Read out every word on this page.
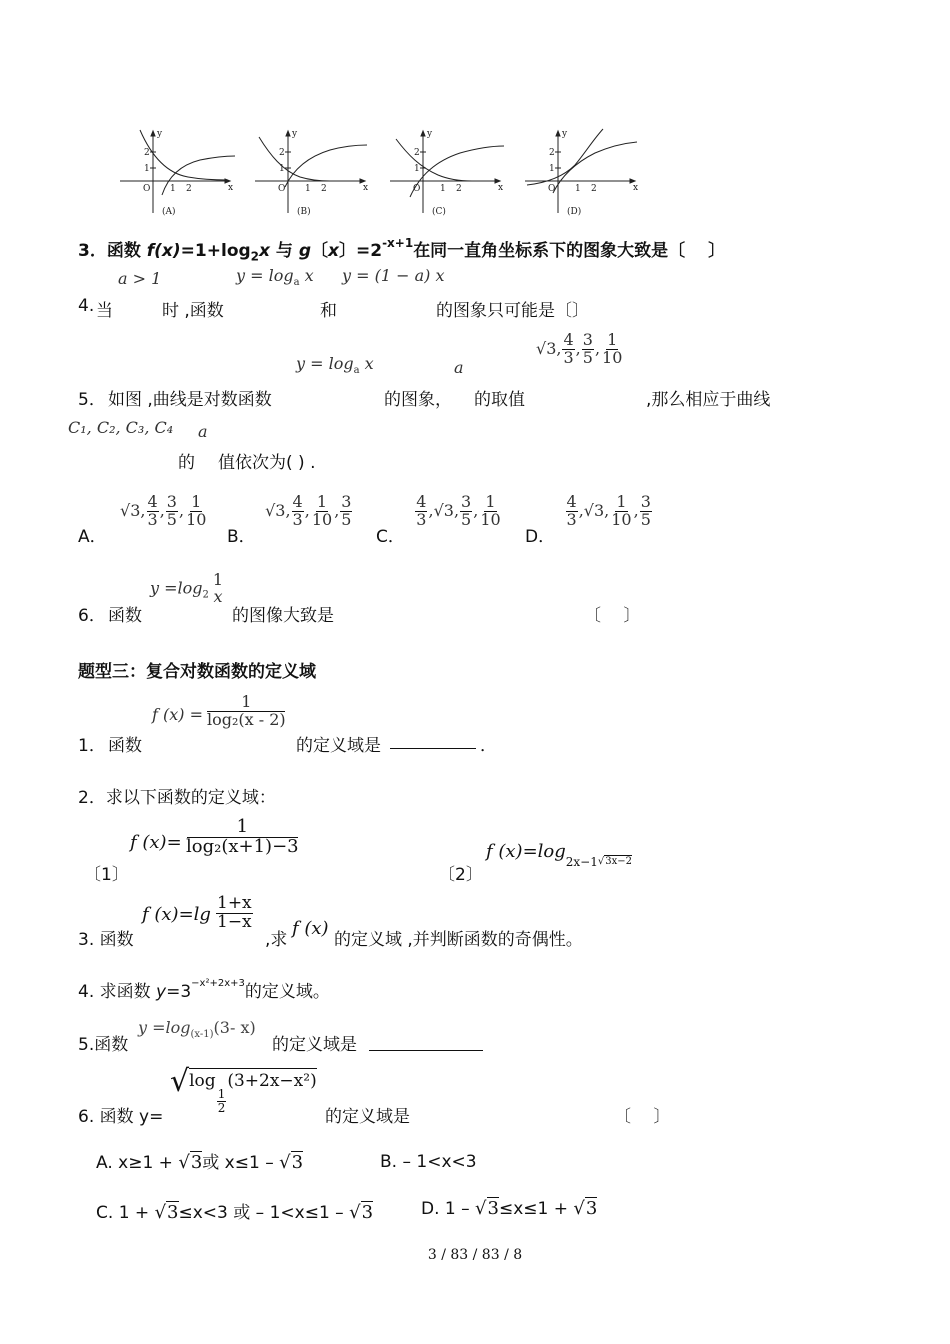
y
x
O
2
1
1 2
(A)
y
x
O
2
1
1 2
(B)
y
x
O
2
1
1 2
(C)
y
x
O
2
1
1 2
(D)
3．函数 $f(x)=1+\log_2x$ 与 g〔x〕$=2^{-x+1}$在同一直角坐标系下的图象大致是〔　 〕
a > 1	$y = \log_a x$ y = (1 − a) x
4. 当	时 ,函数	和	的图象只可能是〔〕
$y = \log_a x$	a
√3, $\frac{4}{3}$ , $\frac{3}{5}$ , $\frac{1}{10}$
5． 如图 ,曲线是对数函数	的图象， 的取值	,那么相应于曲线
C₁, C₂, C₃, C₄ a
的 值依次为( ) .
A． √3, $\frac{4}{3}$ , $\frac{3}{5}$ , $\frac{1}{10}$
B． √3, $\frac{4}{3}$ , $\frac{1}{10}$ , $\frac{3}{5}$
C．
$\frac{4}{3} ,√3$, $\frac{3}{5}$ , $\frac{1}{10}$
D．
$\frac{4}{3} ,√3$, $\frac{1}{10}$ , $\frac{3}{5}$
6． 函数
$y =\log_2$
1
x
的图像大致是	〔　 〕
题型三：复合对数函数的定义域
1． 函数
f $(x) = \frac{1}{\text{log₂(x - 2)}}$
的定义域是	．
2．求以下函数的定义域：
〔1〕
f $(x)= \frac{1}{\text{log₂(x+1)−3}}$
〔2〕
f $(x)=\log_{2x-1}^{√3x-2}$
3. 函数
f $(x)=\lg \frac{1+x}{1-x}$
,求
f (x)
的定义域 ,并判断函数的奇偶性。
4. 求函数 $y=3^{-x^2+2x+3}$的定义域。
5.函数
$y =\log_{(x-1)}(3-$ x)
的定义域是
6. 函数 y=
√log
$\frac{1}{2}$
(3+2x−x²)
的定义域是	〔　 〕
A. x≥1 + √3或 x≤1 – √3	B. – 1<x<3
C. 1 + √3≤x<3 或 – 1<x≤1 – √3	D. 1 – √3≤x≤1 + √3
3 / 83 / 83 / 8
